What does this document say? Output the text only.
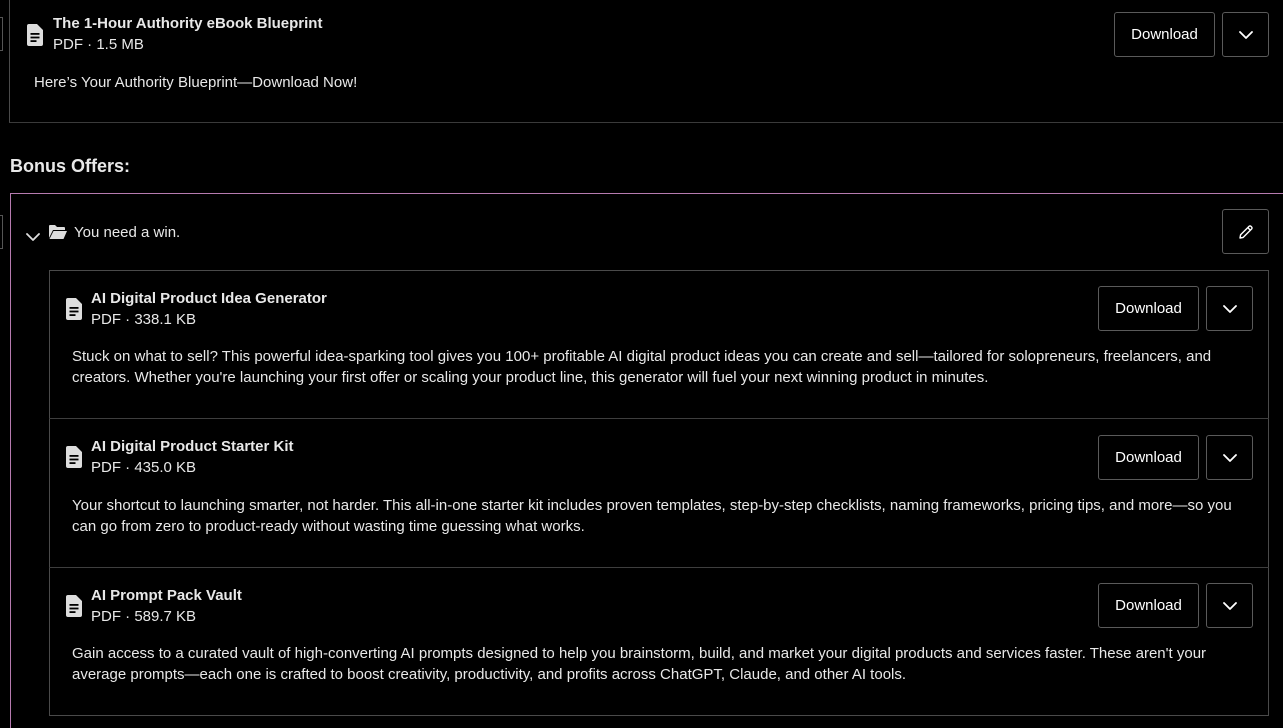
The 1-Hour Authority eBook Blueprint
PDF · 1.5 MB
Here’s Your Authority Blueprint—Download Now!
Download
Bonus Offers:
You need a win.
AI Digital Product Idea Generator
PDF · 338.1 KB
Stuck on what to sell? This powerful idea-sparking tool gives you 100+ profitable AI digital product ideas you can create and sell—tailored for solopreneurs, freelancers, and creators. Whether you're launching your first offer or scaling your product line, this generator will fuel your next winning product in minutes.
Download
AI Digital Product Starter Kit
PDF · 435.0 KB
Your shortcut to launching smarter, not harder. This all-in-one starter kit includes proven templates, step-by-step checklists, naming frameworks, pricing tips, and more—so you can go from zero to product-ready without wasting time guessing what works.
Download
AI Prompt Pack Vault
PDF · 589.7 KB
Gain access to a curated vault of high-converting AI prompts designed to help you brainstorm, build, and market your digital products and services faster. These aren't your average prompts—each one is crafted to boost creativity, productivity, and profits across ChatGPT, Claude, and other AI tools.
Download
